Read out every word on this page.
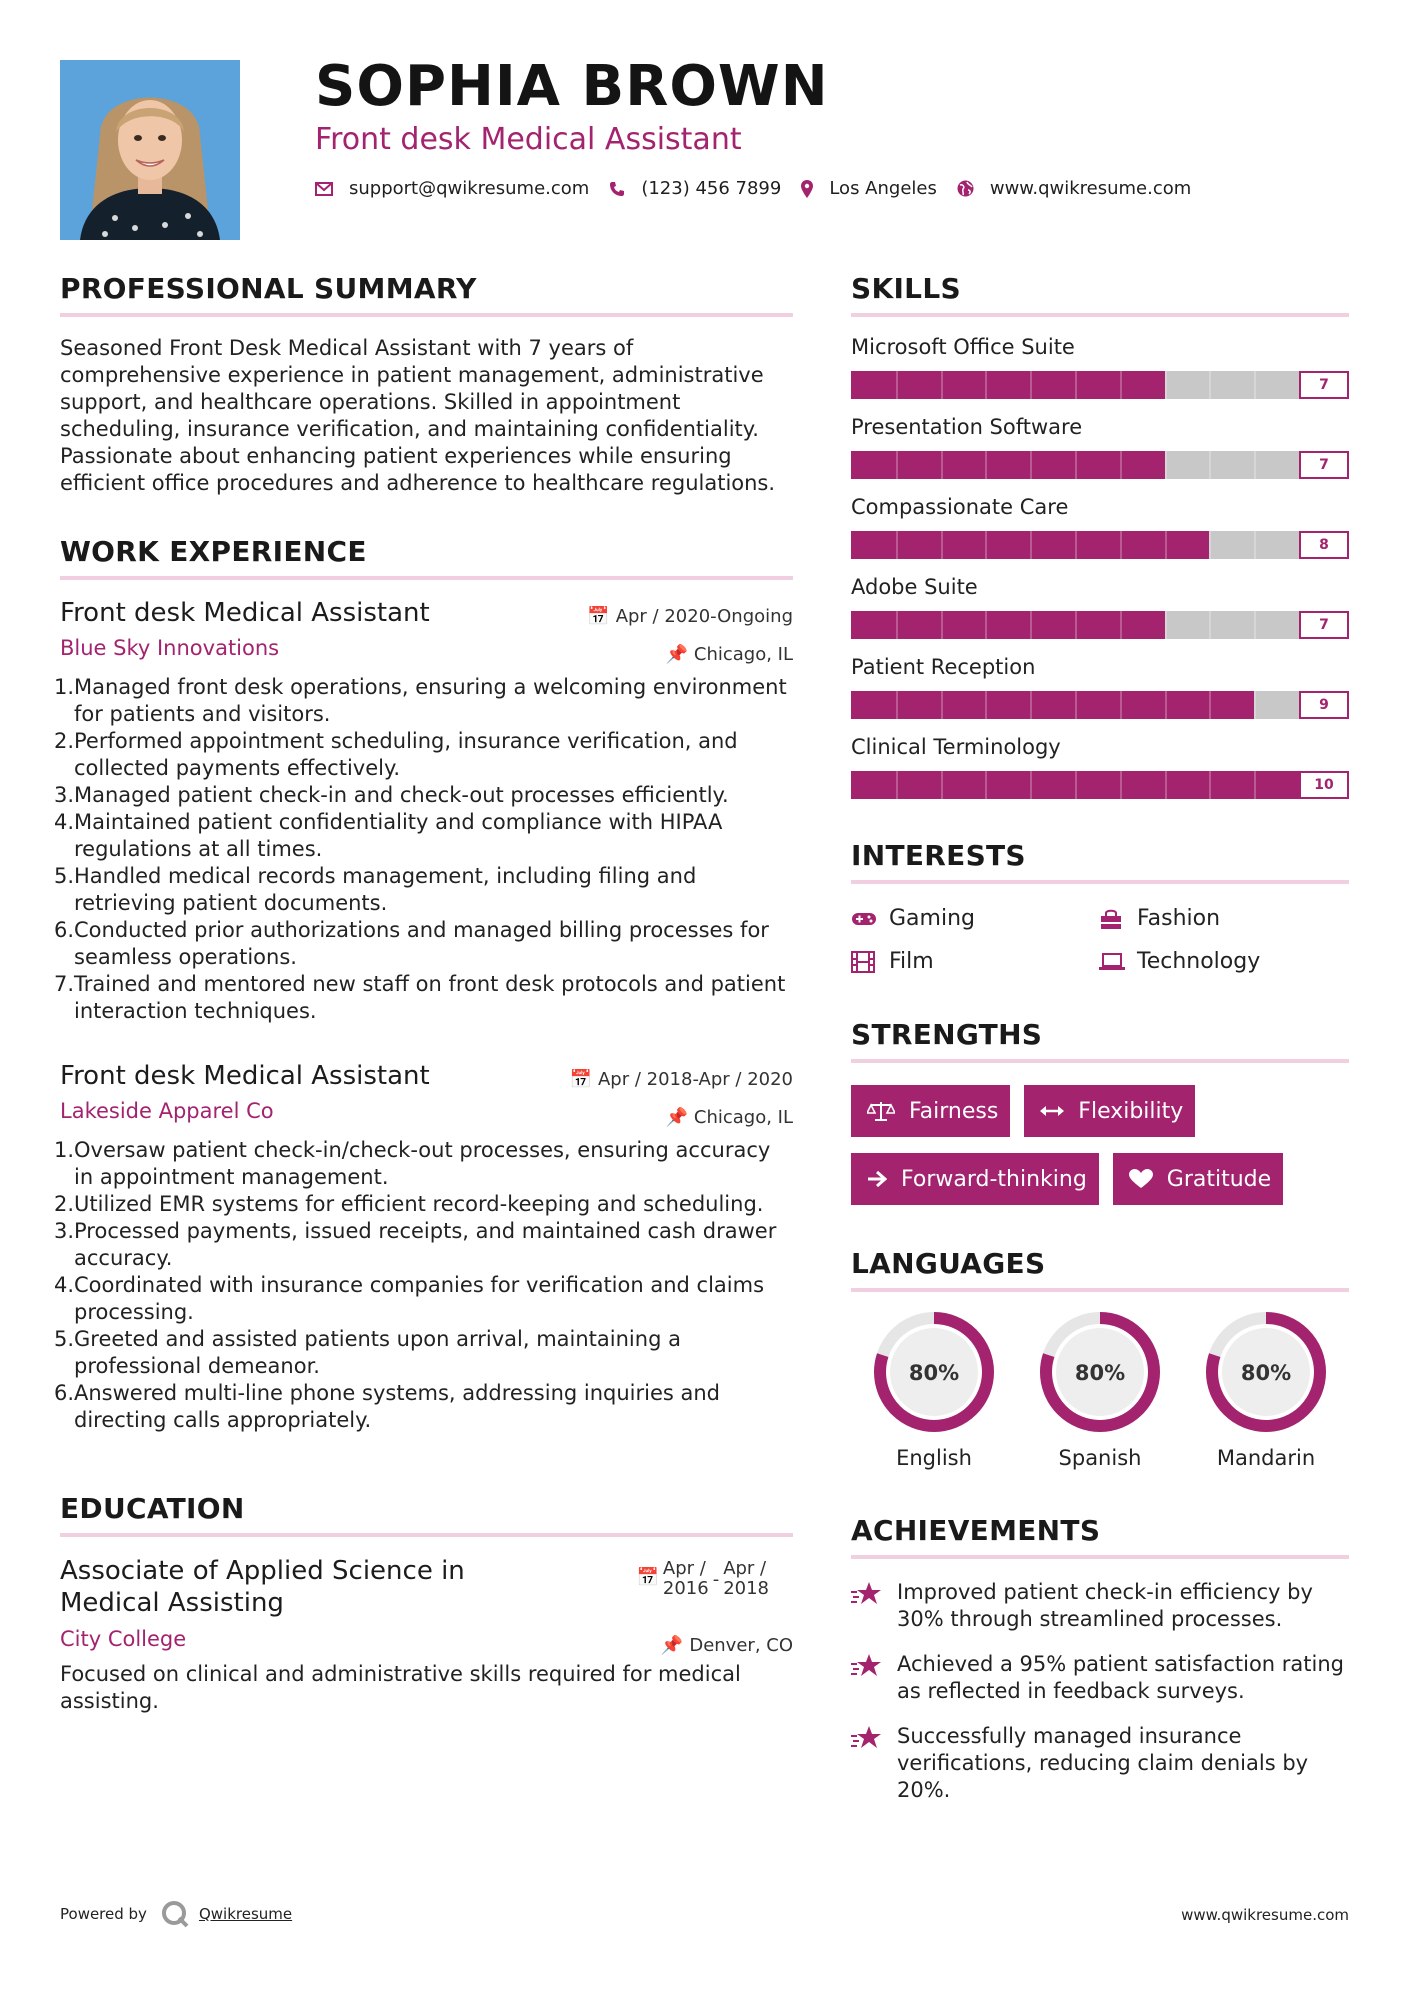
SOPHIA BROWN
Front desk Medical Assistant
support@qwikresume.com	(123) 456 7899	Los Angeles	www.qwikresume.com
PROFESSIONAL SUMMARY

Seasoned Front Desk Medical Assistant with 7 years of comprehensive experience in patient management, administrative support, and healthcare operations. Skilled in appointment scheduling, insurance verification, and maintaining confidentiality. Passionate about enhancing patient experiences while ensuring efficient office procedures and adherence to healthcare regulations.

WORK EXPERIENCE
Front desk Medical Assistant
Blue Sky Innovations
📅 Apr / 2020-Ongoing
📌 Chicago, IL
1. Managed front desk operations, ensuring a welcoming environment for patients and visitors.
2. Performed appointment scheduling, insurance verification, and collected payments effectively.
3. Managed patient check-in and check-out processes efficiently.
4. Maintained patient confidentiality and compliance with HIPAA regulations at all times.
5. Handled medical records management, including filing and retrieving patient documents.
6. Conducted prior authorizations and managed billing processes for seamless operations.
7. Trained and mentored new staff on front desk protocols and patient interaction techniques.
Front desk Medical Assistant
Lakeside Apparel Co
📅 Apr / 2018-Apr / 2020
📌 Chicago, IL
1. Oversaw patient check-in/check-out processes, ensuring accuracy in appointment management.
2. Utilized EMR systems for efficient record-keeping and scheduling.
3. Processed payments, issued receipts, and maintained cash drawer accuracy.
4. Coordinated with insurance companies for verification and claims processing.
5. Greeted and assisted patients upon arrival, maintaining a professional demeanor.
6. Answered multi-line phone systems, addressing inquiries and directing calls appropriately.
EDUCATION
Associate of Applied Science in Medical Assisting
📅 Apr /
2016 -
Apr /
2018
City College	📌 Denver, CO

Focused on clinical and administrative skills required for medical assisting.

SKILLS
Microsoft Office Suite
7
Presentation Software
7
Compassionate Care
8
Adobe Suite
7
Patient Reception
9
Clinical Terminology
10
INTERESTS
Gaming	Fashion
Film	Technology
STRENGTHS
Fairness	Flexibility
Forward-thinking	Gratitude
LANGUAGES
80%
English
80%
Spanish
80%
Mandarin
ACHIEVEMENTS
Improved patient check-in efficiency by 30% through streamlined processes.
Achieved a 95% patient satisfaction rating as reflected in feedback surveys.
Successfully managed insurance verifications, reducing claim denials by 20%.
Powered by	Qwikresume	www.qwikresume.com
